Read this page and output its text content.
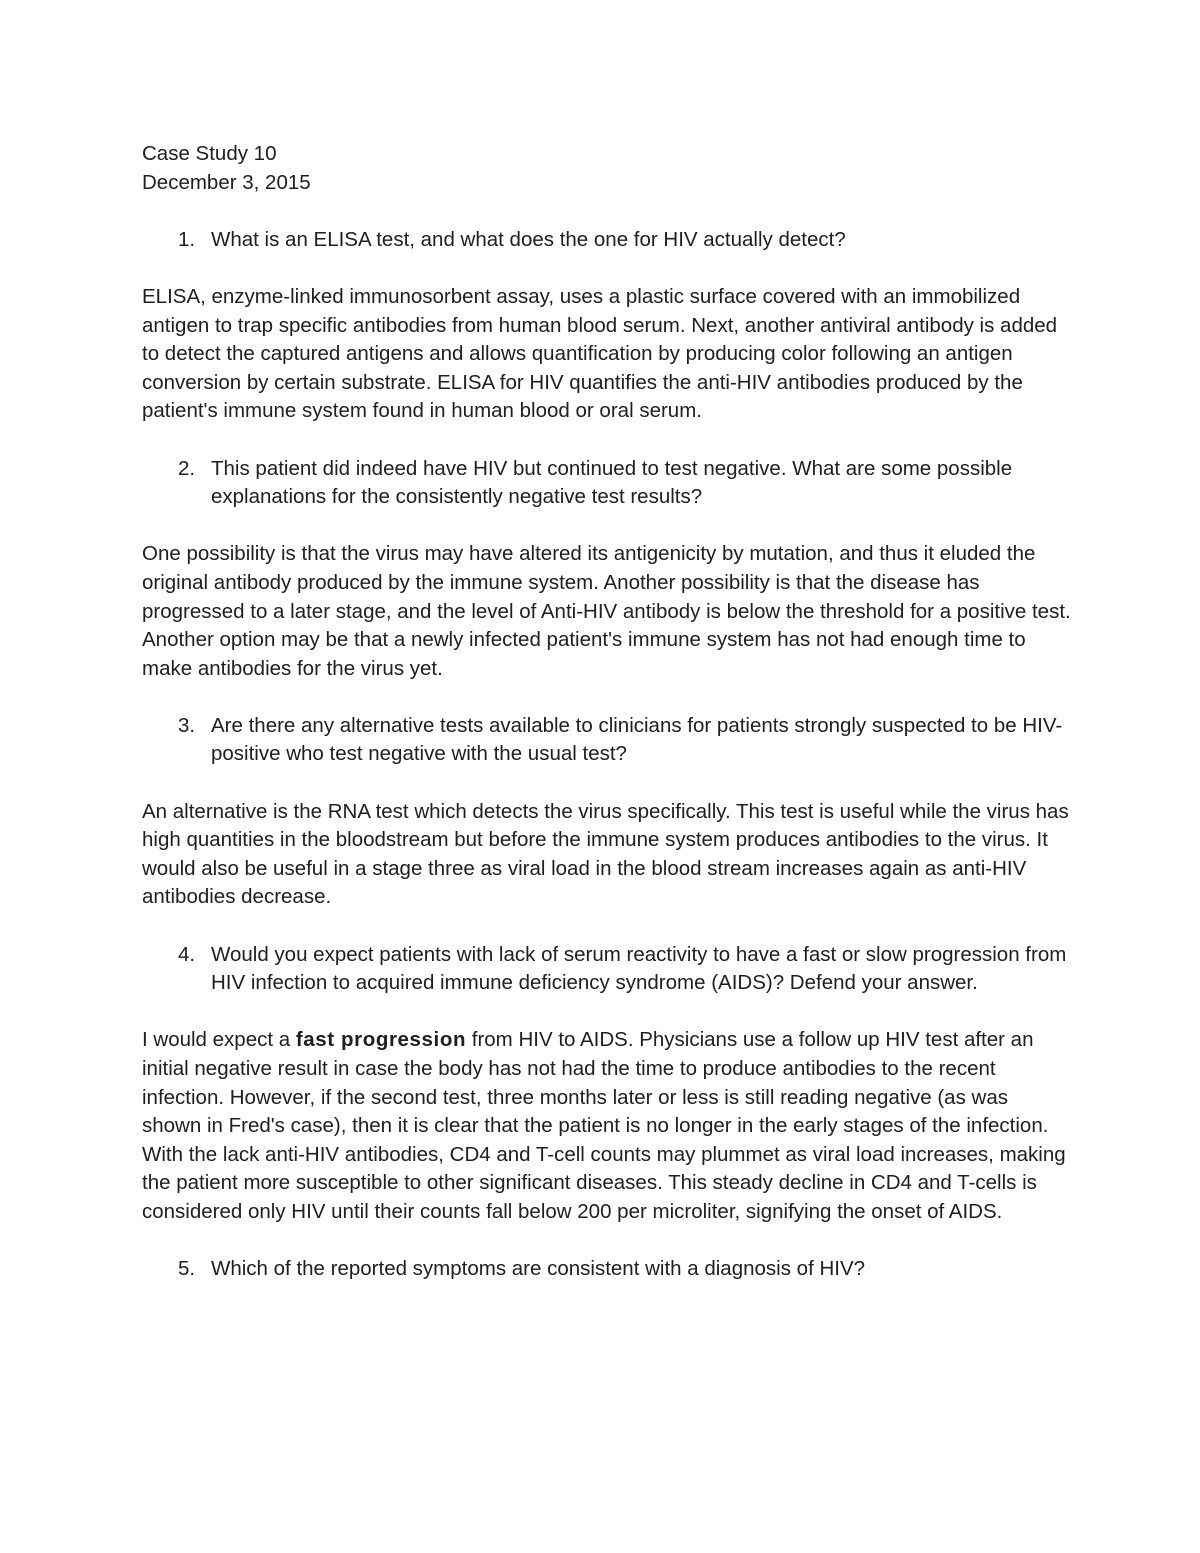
Case Study 10

December 3, 2015

1. What is an ELISA test, and what does the one for HIV actually detect?

ELISA, enzyme-linked immunosorbent assay, uses a plastic surface covered with an immobilized antigen to trap specific antibodies from human blood serum. Next, another antiviral antibody is added to detect the captured antigens and allows quantification by producing color following an antigen conversion by certain substrate. ELISA for HIV quantifies the anti-HIV antibodies produced by the patient's immune system found in human blood or oral serum.

2. This patient did indeed have HIV but continued to test negative. What are some possible explanations for the consistently negative test results?

One possibility is that the virus may have altered its antigenicity by mutation, and thus it eluded the original antibody produced by the immune system. Another possibility is that the disease has progressed to a later stage, and the level of Anti-HIV antibody is below the threshold for a positive test. Another option may be that a newly infected patient's immune system has not had enough time to make antibodies for the virus yet.

3. Are there any alternative tests available to clinicians for patients strongly suspected to be HIV-positive who test negative with the usual test?

An alternative is the RNA test which detects the virus specifically. This test is useful while the virus has high quantities in the bloodstream but before the immune system produces antibodies to the virus. It would also be useful in a stage three as viral load in the blood stream increases again as anti-HIV antibodies decrease.

4. Would you expect patients with lack of serum reactivity to have a fast or slow progression from HIV infection to acquired immune deficiency syndrome (AIDS)? Defend your answer.

I would expect a fast progression from HIV to AIDS. Physicians use a follow up HIV test after an initial negative result in case the body has not had the time to produce antibodies to the recent infection. However, if the second test, three months later or less is still reading negative (as was shown in Fred's case), then it is clear that the patient is no longer in the early stages of the infection. With the lack anti-HIV antibodies, CD4 and T-cell counts may plummet as viral load increases, making the patient more susceptible to other significant diseases. This steady decline in CD4 and T-cells is considered only HIV until their counts fall below 200 per microliter, signifying the onset of AIDS.

5. Which of the reported symptoms are consistent with a diagnosis of HIV?
